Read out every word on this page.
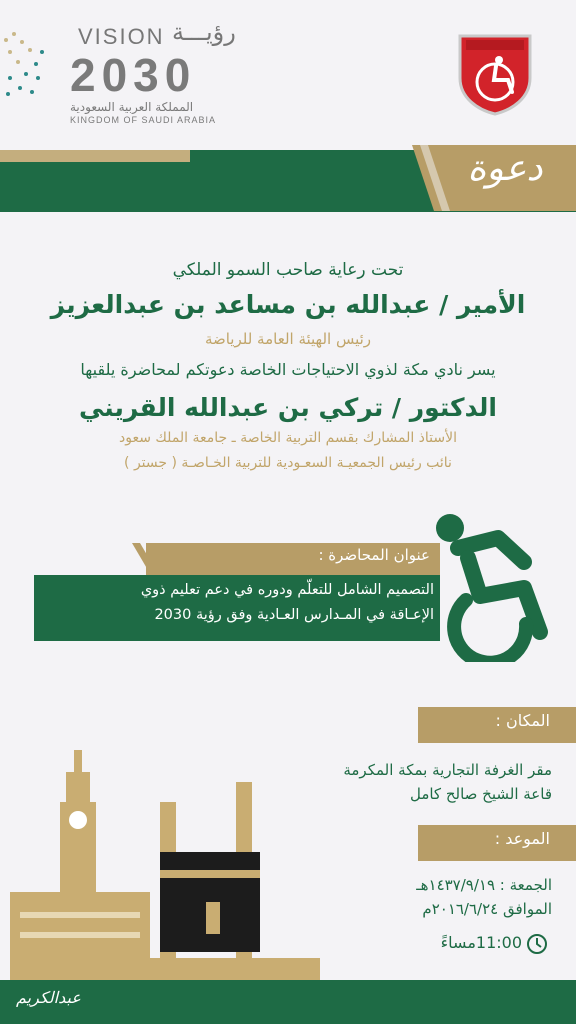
VISION رؤيـــة
2030
المملكة العربية السعودية
KINGDOM OF SAUDI ARABIA
دعوة
تحت رعاية صاحب السمو الملكي
الأمير / عبدالله بن مساعد بن عبدالعزيز
رئيس الهيئة العامة للرياضة
يسر نادي مكة لذوي الاحتياجات الخاصة دعوتكم لمحاضرة يلقيها
الدكتور / تركي بن عبدالله القريني
الأستاذ المشارك بقسم التربية الخاصة ـ جامعة الملك سعود
نائب رئيس الجمعيـة السعـودية للتربية الخـاصـة ( جستر )
عنوان المحاضرة :
التصميم الشامل للتعلّم ودوره في دعم تعليم ذوي
الإعـاقة في المـدارس العـادية وفق رؤية 2030
المكان :
مقر الغرفة التجارية بمكة المكرمة
قاعة الشيخ صالح كامل
الموعد :
الجمعة : ١٤٣٧/٩/١٩هـ
الموافق ٢٠١٦/٦/٢٤م
11:00مساءً
عبدالكريم
